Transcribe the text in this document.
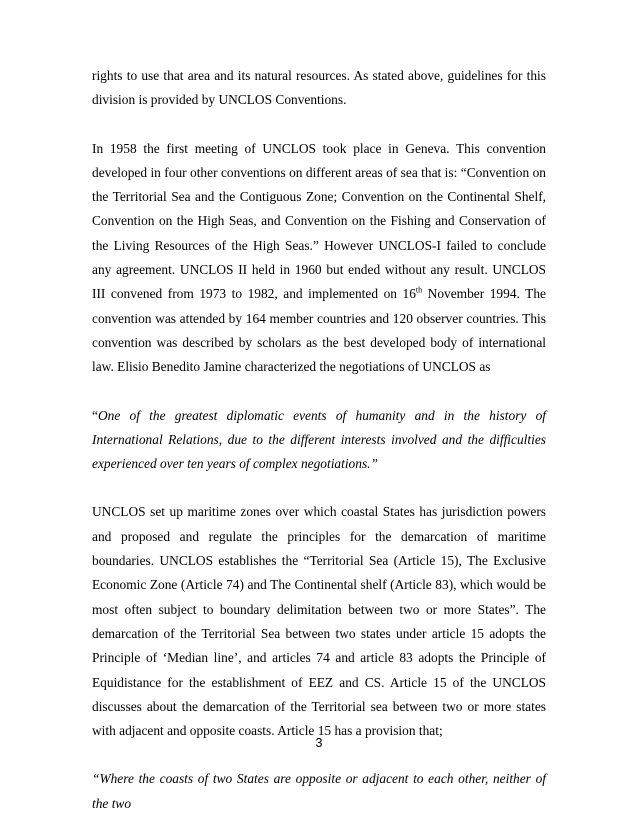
rights to use that area and its natural resources. As stated above, guidelines for this division is provided by UNCLOS Conventions.

In 1958 the first meeting of UNCLOS took place in Geneva. This convention developed in four other conventions on different areas of sea that is: “Convention on the Territorial Sea and the Contiguous Zone; Convention on the Continental Shelf, Convention on the High Seas, and Convention on the Fishing and Conservation of the Living Resources of the High Seas.” However UNCLOS-I failed to conclude any agreement. UNCLOS II held in 1960 but ended without any result. UNCLOS III convened from 1973 to 1982, and implemented on 16th November 1994. The convention was attended by 164 member countries and 120 observer countries. This convention was described by scholars as the best developed body of international law. Elisio Benedito Jamine characterized the negotiations of UNCLOS as

“One of the greatest diplomatic events of humanity and in the history of International Relations, due to the different interests involved and the difficulties experienced over ten years of complex negotiations.”

UNCLOS set up maritime zones over which coastal States has jurisdiction powers and proposed and regulate the principles for the demarcation of maritime boundaries. UNCLOS establishes the “Territorial Sea (Article 15), The Exclusive Economic Zone (Article 74) and The Continental shelf (Article 83), which would be most often subject to boundary delimitation between two or more States”. The demarcation of the Territorial Sea between two states under article 15 adopts the Principle of ‘Median line’, and articles 74 and article 83 adopts the Principle of Equidistance for the establishment of EEZ and CS. Article 15 of the UNCLOS discusses about the demarcation of the Territorial sea between two or more states with adjacent and opposite coasts. Article 15 has a provision that;

“Where the coasts of two States are opposite or adjacent to each other, neither of the two

3
